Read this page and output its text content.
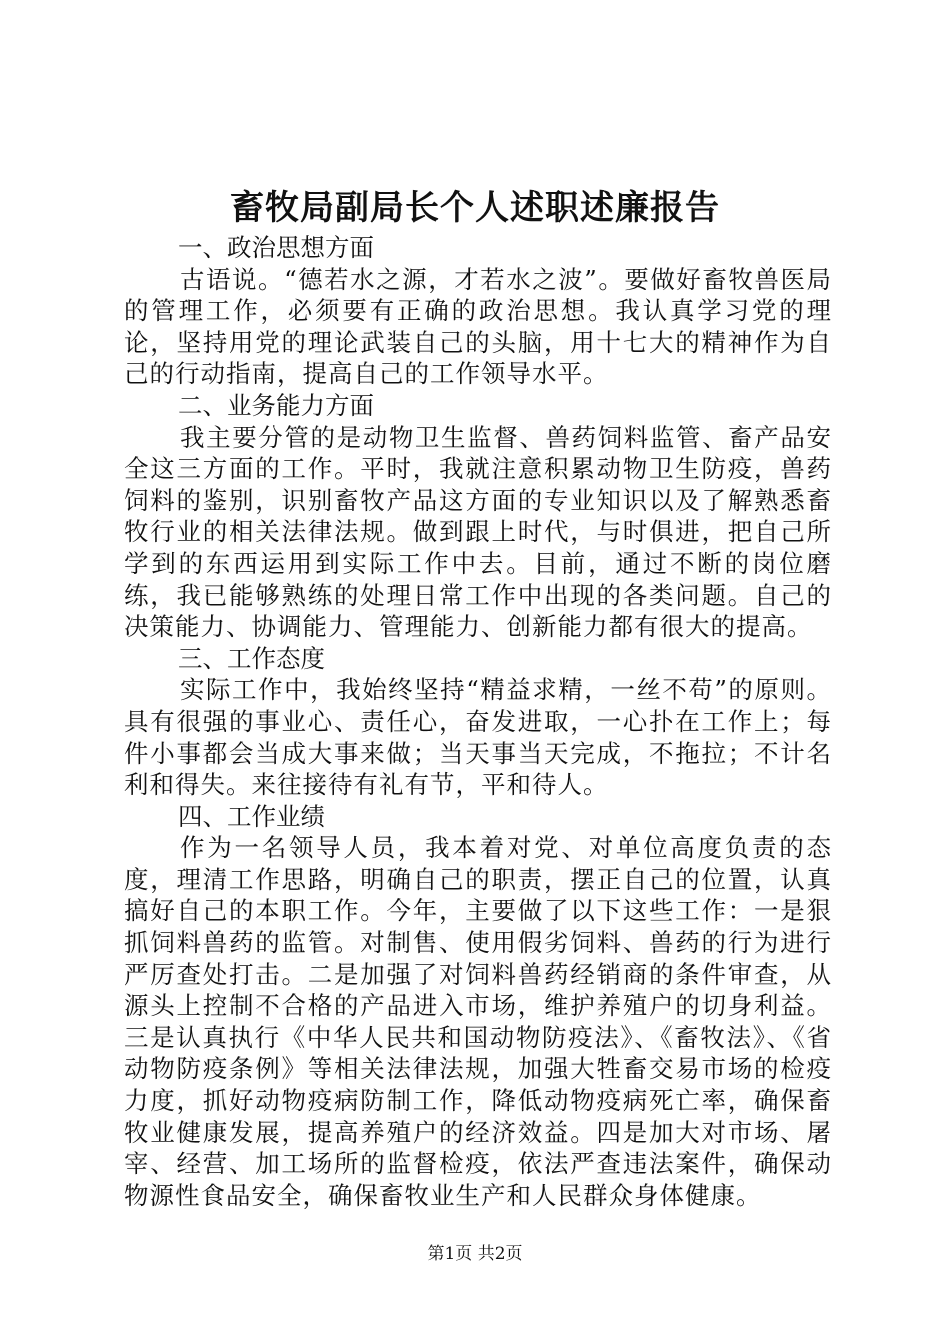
畜牧局副局长个人述职述廉报告

一、政治思想方面

古语说。“德若水之源，才若水之波”。要做好畜牧兽医局的管理工作，必须要有正确的政治思想。我认真学习党的理论，坚持用党的理论武装自己的头脑，用十七大的精神作为自己的行动指南，提高自己的工作领导水平。

二、业务能力方面

我主要分管的是动物卫生监督、兽药饲料监管、畜产品安全这三方面的工作。平时，我就注意积累动物卫生防疫，兽药饲料的鉴别，识别畜牧产品这方面的专业知识以及了解熟悉畜牧行业的相关法律法规。做到跟上时代，与时俱进，把自己所学到的东西运用到实际工作中去。目前，通过不断的岗位磨练，我已能够熟练的处理日常工作中出现的各类问题。自己的决策能力、协调能力、管理能力、创新能力都有很大的提高。

三、工作态度

实际工作中，我始终坚持“精益求精，一丝不苟”的原则。具有很强的事业心、责任心，奋发进取，一心扑在工作上；每件小事都会当成大事来做；当天事当天完成，不拖拉；不计名利和得失。来往接待有礼有节，平和待人。

四、工作业绩

作为一名领导人员，我本着对党、对单位高度负责的态度，理清工作思路，明确自己的职责，摆正自己的位置，认真搞好自己的本职工作。今年，主要做了以下这些工作：一是狠抓饲料兽药的监管。对制售、使用假劣饲料、兽药的行为进行严厉查处打击。二是加强了对饲料兽药经销商的条件审查，从源头上控制不合格的产品进入市场，维护养殖户的切身利益。三是认真执行《中华人民共和国动物防疫法》、《畜牧法》、《省动物防疫条例》等相关法律法规，加强大牲畜交易市场的检疫力度，抓好动物疫病防制工作，降低动物疫病死亡率，确保畜牧业健康发展，提高养殖户的经济效益。四是加大对市场、屠宰、经营、加工场所的监督检疫，依法严查违法案件，确保动物源性食品安全，确保畜牧业生产和人民群众身体健康。

第1页 共2页
